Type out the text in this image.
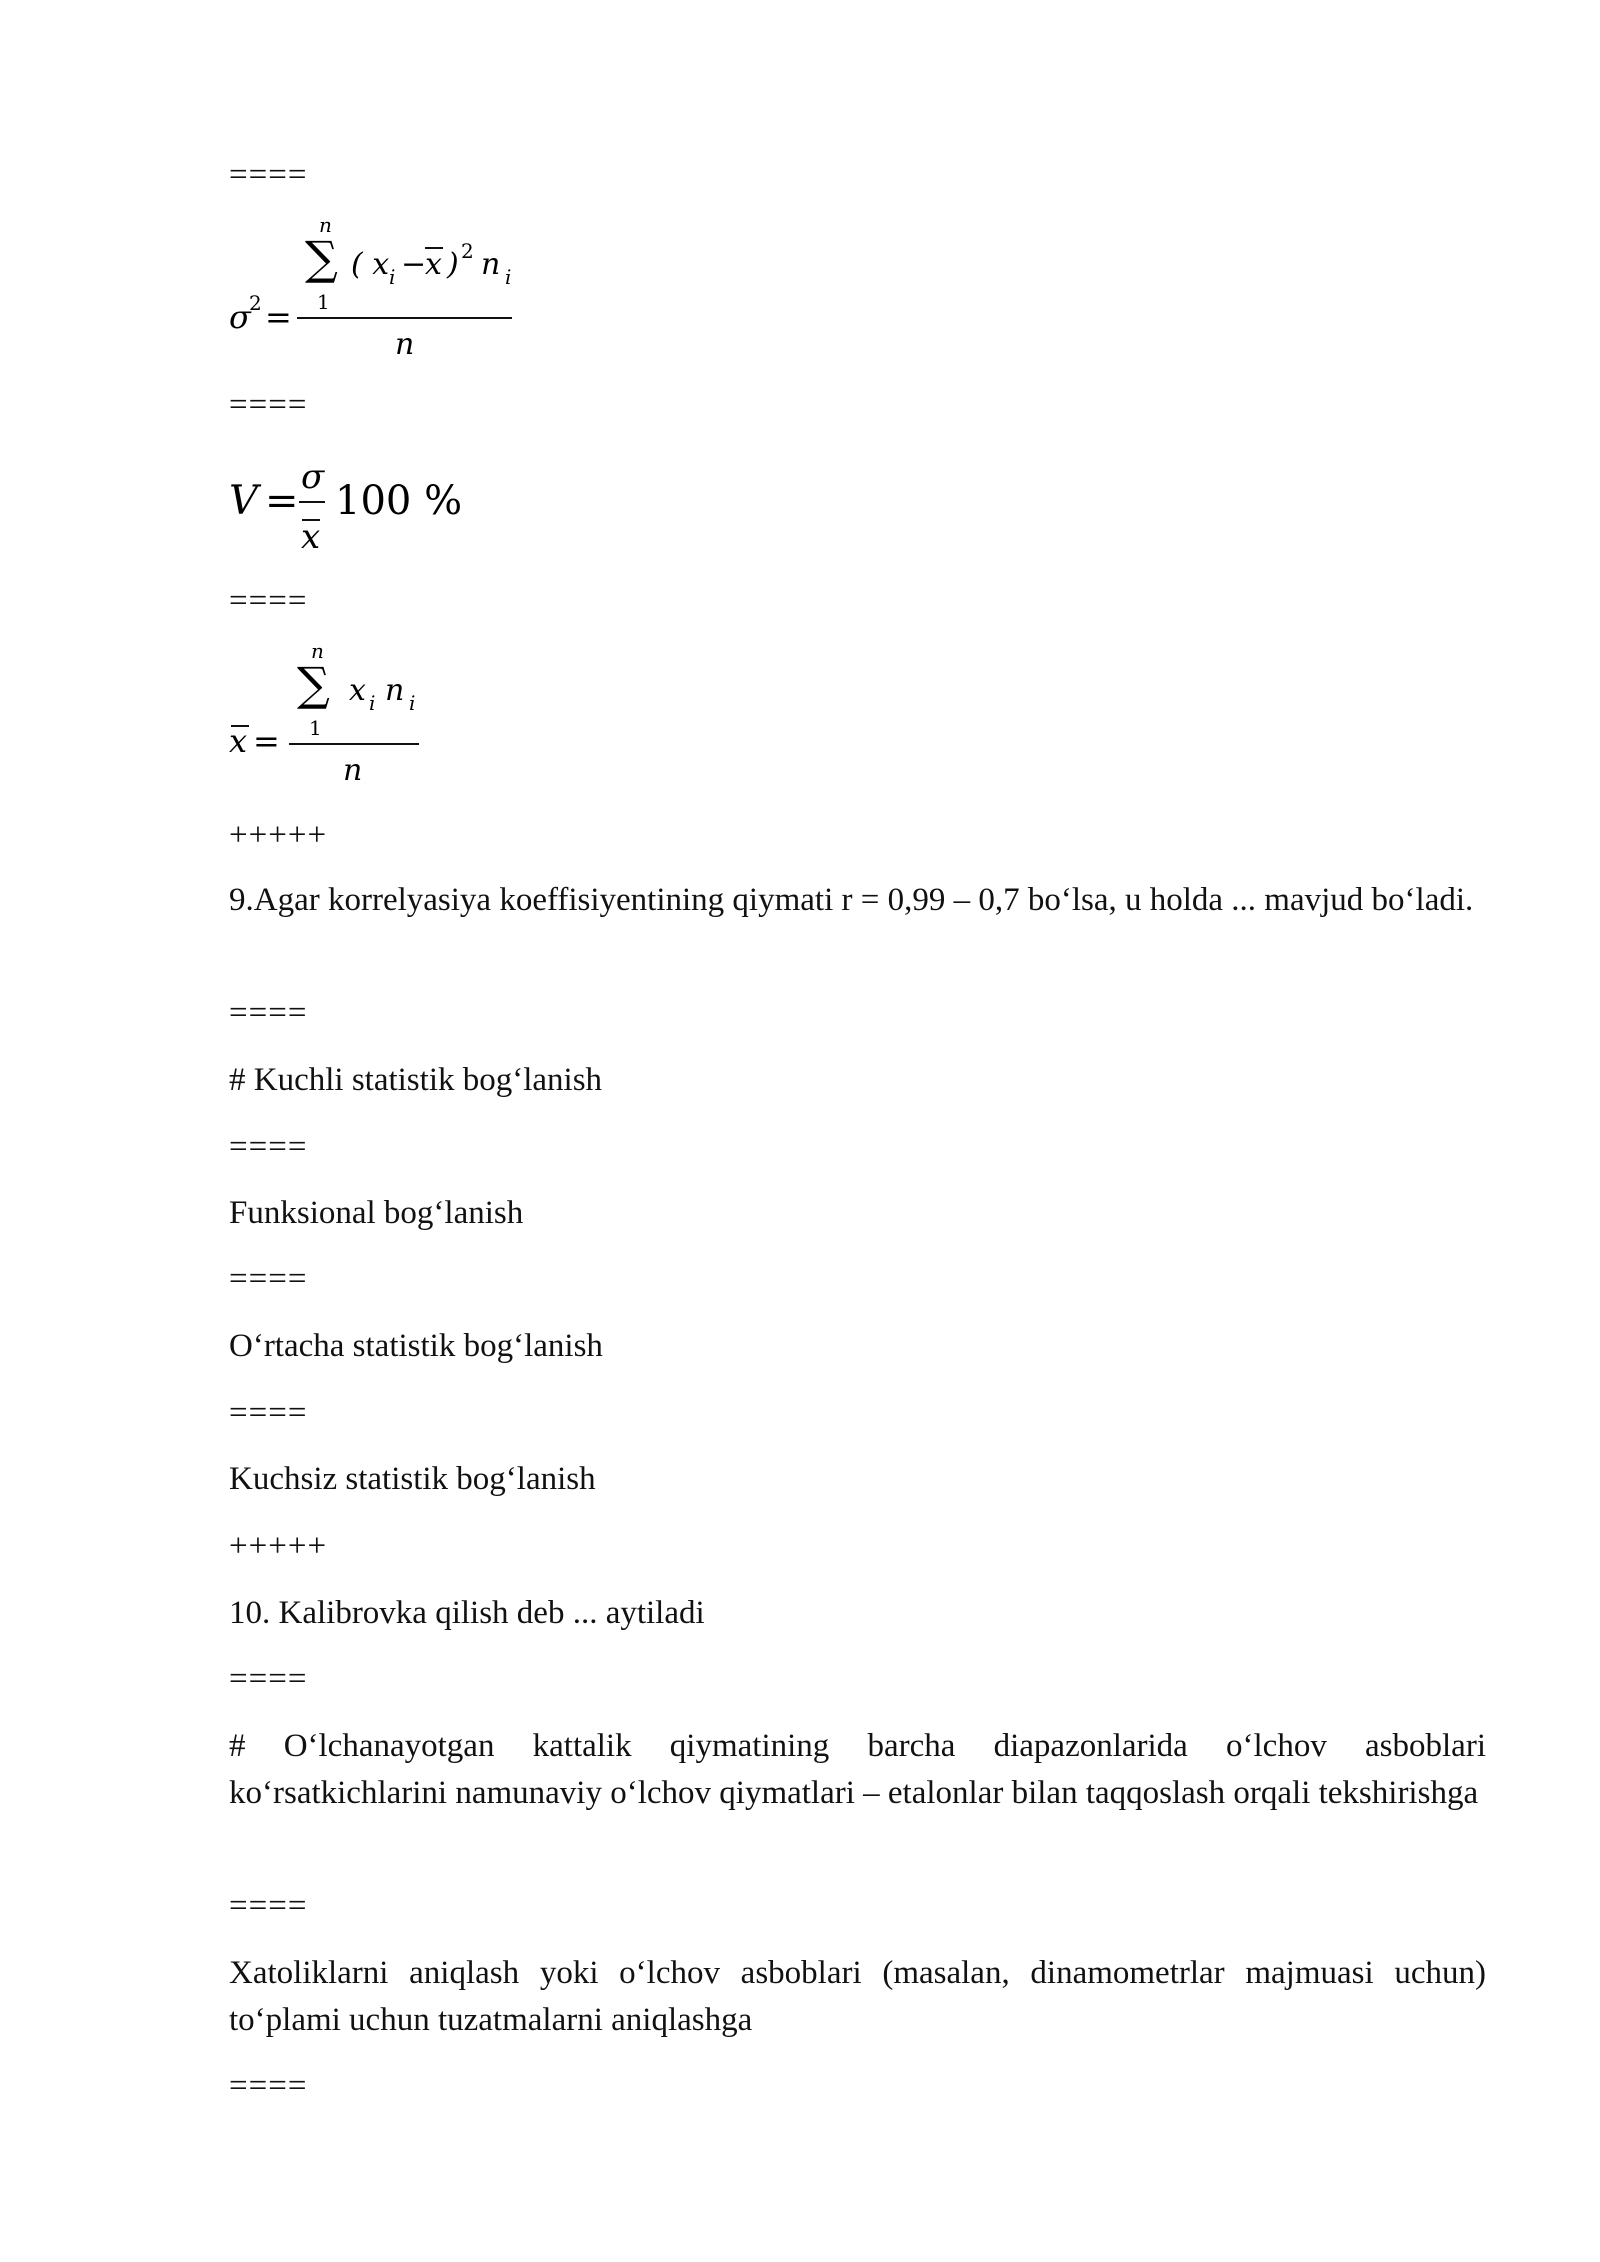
====
n
∑
1
( x i −
x ) 2 n i
σ
2 =
n
====
V =
σ
x
100 %
====
n
∑
1
x i n i
x =
n
+++++
9.Agar korrelyasiya koeffisiyentining qiymati r = 0,99 – 0,7 bo‘lsa, u holda ... mavjud bo‘ladi.
====
# Kuchli statistik bog‘lanish
====
Funksional bog‘lanish
====
O‘rtacha statistik bog‘lanish
====
Kuchsiz statistik bog‘lanish
+++++
10. Kalibrovka qilish deb ... aytiladi
====
# O‘lchanayotgan kattalik qiymatining barcha diapazonlarida o‘lchov asboblari ko‘rsatkichlarini namunaviy o‘lchov qiymatlari – etalonlar bilan taqqoslash orqali tekshirishga
====
Xatoliklarni aniqlash yoki o‘lchov asboblari (masalan, dinamometrlar majmuasi uchun) to‘plami uchun tuzatmalarni aniqlashga
====
